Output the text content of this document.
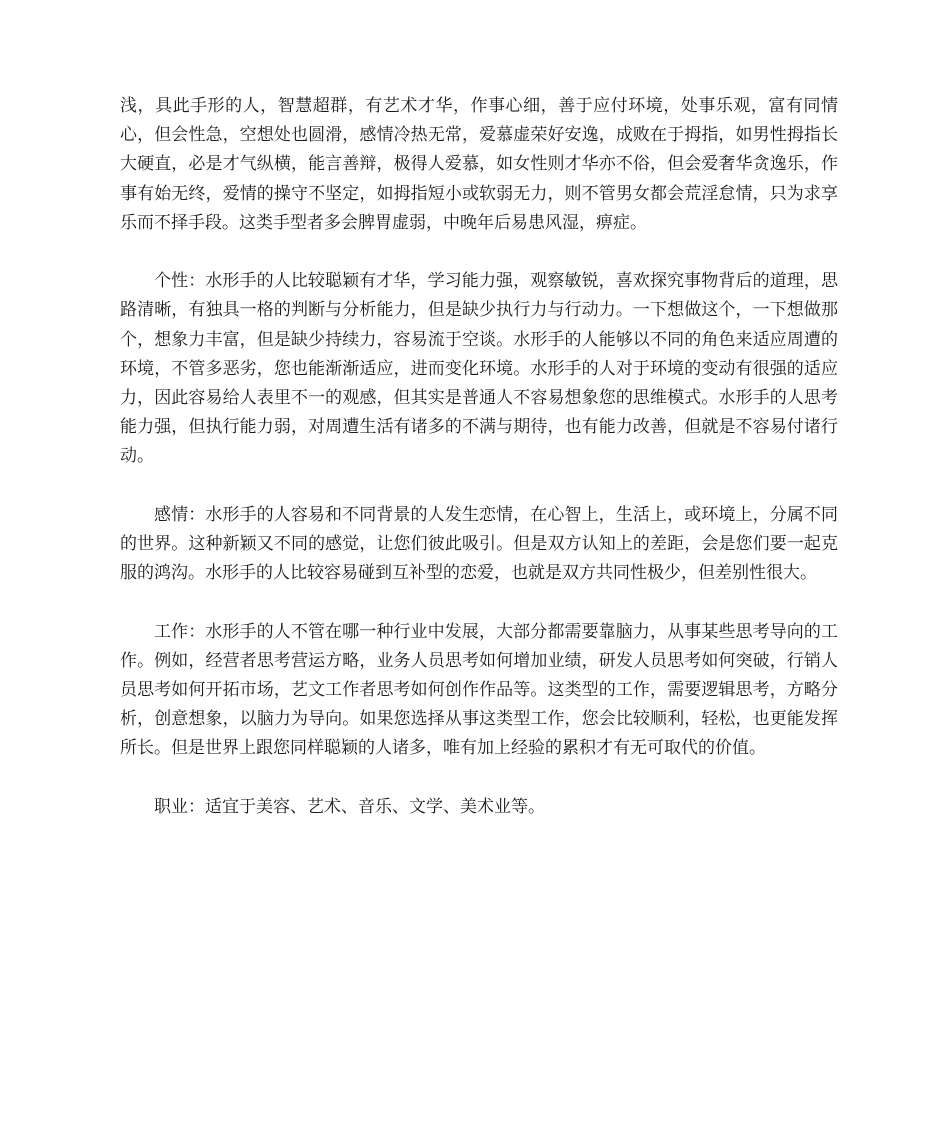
浅，具此手形的人，智慧超群，有艺术才华，作事心细，善于应付环境，处事乐观，富有同情心，但会性急，空想处也圆滑，感情冷热无常，爱慕虚荣好安逸，成败在于拇指，如男性拇指长大硬直，必是才气纵横，能言善辩，极得人爱慕，如女性则才华亦不俗，但会爱奢华贪逸乐，作事有始无终，爱情的操守不坚定，如拇指短小或软弱无力，则不管男女都会荒淫怠情，只为求享乐而不择手段。这类手型者多会脾胃虚弱，中晚年后易患风湿，痹症。

个性：水形手的人比较聪颖有才华，学习能力强，观察敏锐，喜欢探究事物背后的道理，思路清晰，有独具一格的判断与分析能力，但是缺少执行力与行动力。一下想做这个，一下想做那个，想象力丰富，但是缺少持续力，容易流于空谈。水形手的人能够以不同的角色来适应周遭的环境，不管多恶劣，您也能渐渐适应，进而变化环境。水形手的人对于环境的变动有很强的适应力，因此容易给人表里不一的观感，但其实是普通人不容易想象您的思维模式。水形手的人思考能力强，但执行能力弱，对周遭生活有诸多的不满与期待，也有能力改善，但就是不容易付诸行动。

感情：水形手的人容易和不同背景的人发生恋情，在心智上，生活上，或环境上，分属不同的世界。这种新颖又不同的感觉，让您们彼此吸引。但是双方认知上的差距，会是您们要一起克服的鸿沟。水形手的人比较容易碰到互补型的恋爱，也就是双方共同性极少，但差别性很大。

工作：水形手的人不管在哪一种行业中发展，大部分都需要靠脑力，从事某些思考导向的工作。例如，经营者思考营运方略，业务人员思考如何增加业绩，研发人员思考如何突破，行销人员思考如何开拓市场，艺文工作者思考如何创作作品等。这类型的工作，需要逻辑思考，方略分析，创意想象，以脑力为导向。如果您选择从事这类型工作，您会比较顺利，轻松，也更能发挥所长。但是世界上跟您同样聪颖的人诸多，唯有加上经验的累积才有无可取代的价值。

职业：适宜于美容、艺术、音乐、文学、美术业等。
